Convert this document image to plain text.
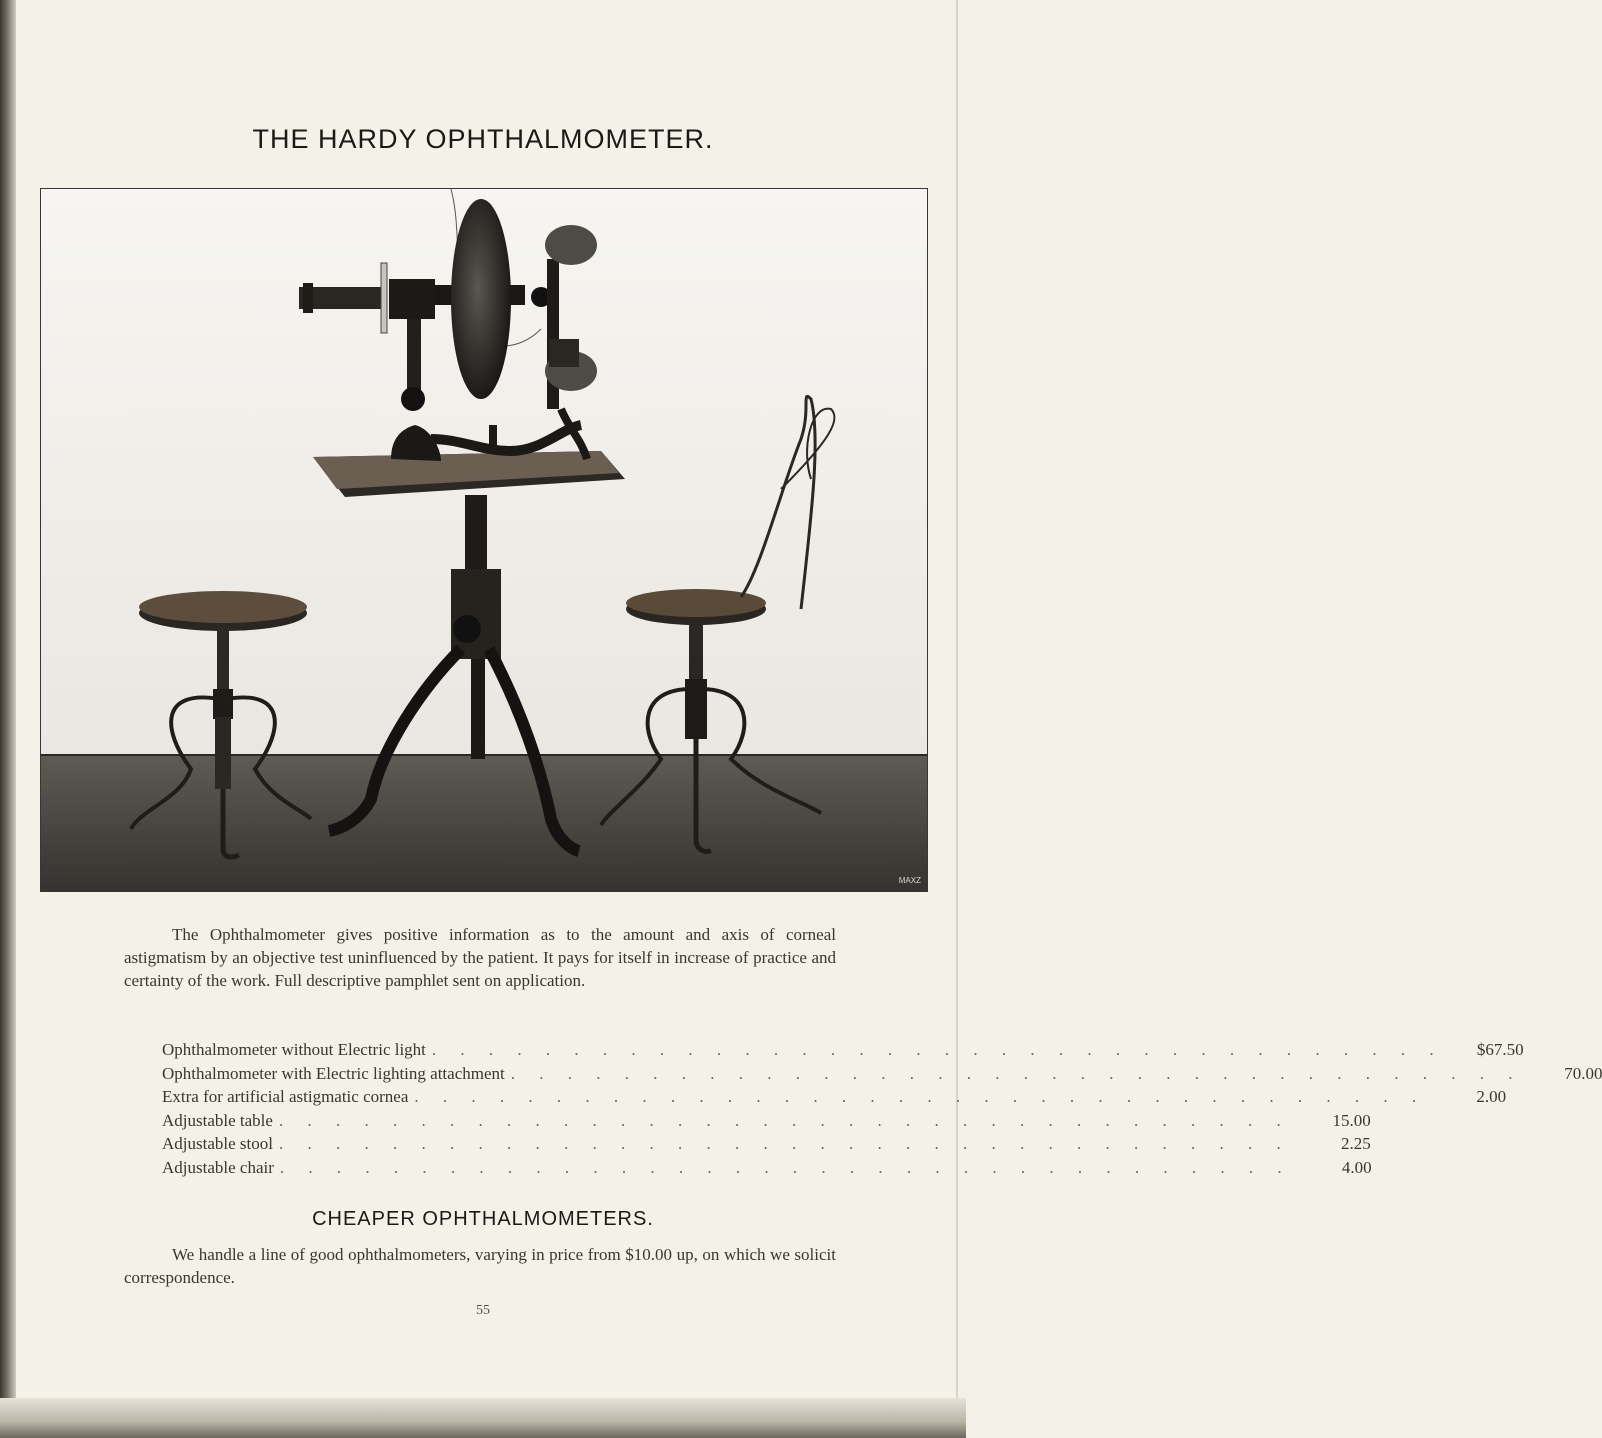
THE HARDY OPHTHALMOMETER.
MAXZ
The Ophthalmometer gives positive information as to the amount and axis of corneal astigmatism by an objective test uninfluenced by the patient. It pays for itself in increase of practice and certainty of the work. Full descriptive pamphlet sent on application.
Ophthalmometer without Electric light . . . . . . . . . . . . . . . . . . . . . . . . . . . . . . . . . . . .	$67.50
Ophthalmometer with Electric lighting attachment . . . . . . . . . . . . . . . . . . . . . . . . . . . . . . . . . . . .	70.00
Extra for artificial astigmatic cornea . . . . . . . . . . . . . . . . . . . . . . . . . . . . . . . . . . . .	2.00
Adjustable table . . . . . . . . . . . . . . . . . . . . . . . . . . . . . . . . . . . .	15.00
Adjustable stool . . . . . . . . . . . . . . . . . . . . . . . . . . . . . . . . . . . .	2.25
Adjustable chair . . . . . . . . . . . . . . . . . . . . . . . . . . . . . . . . . . . .	4.00
CHEAPER OPHTHALMOMETERS.
We handle a line of good ophthalmometers, varying in price from $10.00 up, on which we solicit correspondence.
55
